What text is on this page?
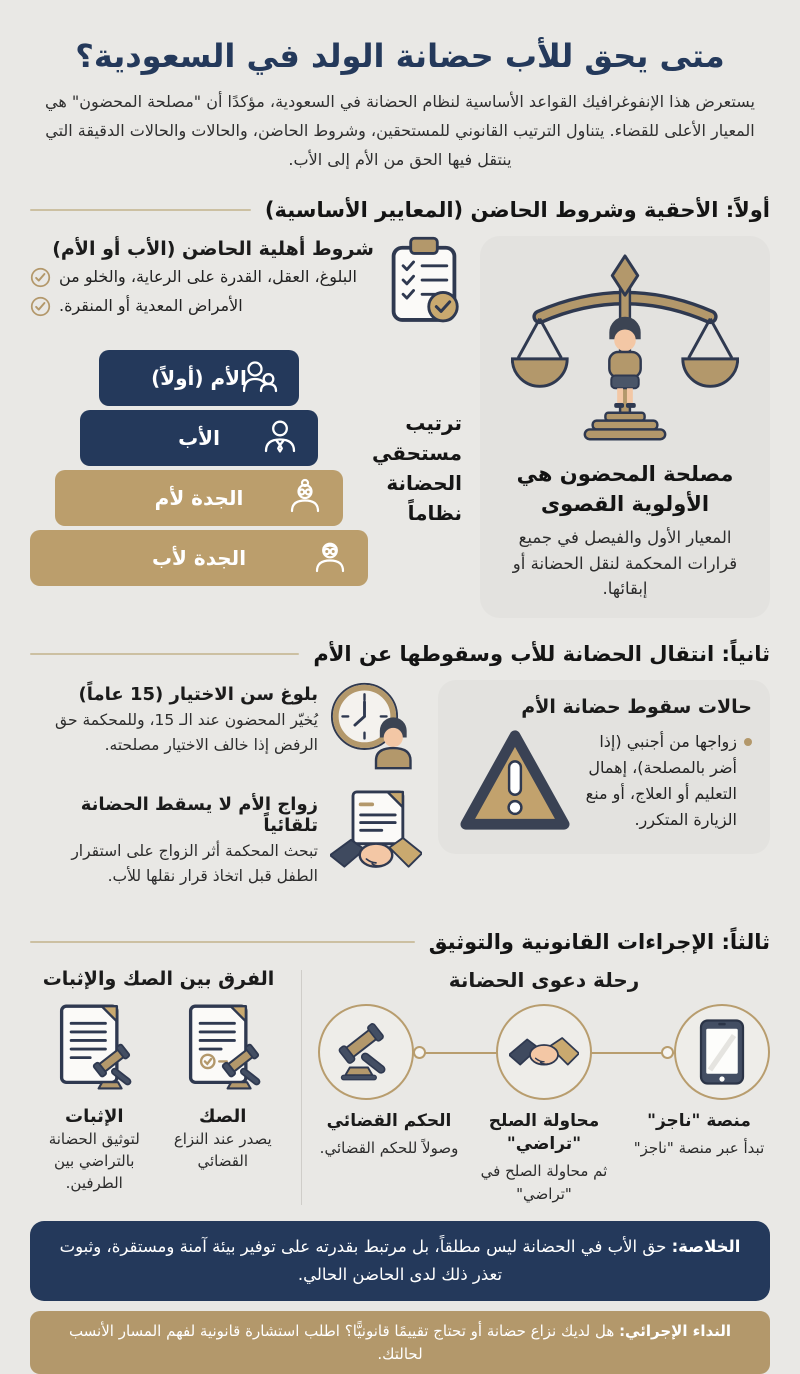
متى يحق للأب حضانة الولد في السعودية؟

يستعرض هذا الإنفوغرافيك القواعد الأساسية لنظام الحضانة في السعودية، مؤكدًا أن "مصلحة المحضون" هي المعيار الأعلى للقضاء. يتناول الترتيب القانوني للمستحقين، وشروط الحاضن، والحالات والحالات الدقيقة التي ينتقل فيها الحق من الأم إلى الأب.

أولاً: الأحقية وشروط الحاضن (المعايير الأساسية)
مصلحة المحضون هي الأولوية القصوى
المعيار الأول والفيصل في جميع قرارات المحكمة لنقل الحضانة أو إبقائها.
شروط أهلية الحاضن (الأب أو الأم)
البلوغ، العقل، القدرة على الرعاية، والخلو من
الأمراض المعدية أو المنقرة.
ترتيب مستحقي الحضانة نظاماً
الأم (أولاً)
الأب
الجدة لأم
الجدة لأب
ثانياً: انتقال الحضانة للأب وسقوطها عن الأم
حالات سقوط حضانة الأم
زواجها من أجنبي (إذا أضر بالمصلحة)، إهمال التعليم أو العلاج، أو منع الزيارة المتكرر.
بلوغ سن الاختيار (15 عاماً)
يُخيّر المحضون عند الـ 15، وللمحكمة حق الرفض إذا خالف الاختيار مصلحته.
زواج الأم لا يسقط الحضانة تلقائياً
تبحث المحكمة أثر الزواج على استقرار الطفل قبل اتخاذ قرار نقلها للأب.
ثالثاً: الإجراءات القانونية والتوثيق
رحلة دعوى الحضانة
منصة "ناجز"
تبدأ عبر منصة "ناجز"
محاولة الصلح "تراضي"
ثم محاولة الصلح في "تراضي"
الحكم القضائي
وصولاً للحكم القضائي.
الفرق بين الصك والإثبات
الصك
يصدر عند النزاع القضائي
الإثبات
لتوثيق الحضانة بالتراضي بين الطرفين.
الخلاصة: حق الأب في الحضانة ليس مطلقاً، بل مرتبط بقدرته على توفير بيئة آمنة ومستقرة، وثبوت تعذر ذلك لدى الحاضن الحالي.
النداء الإجرائي: هل لديك نزاع حضانة أو تحتاج تقييمًا قانونيًّا؟ اطلب استشارة قانونية لفهم المسار الأنسب لحالتك.
